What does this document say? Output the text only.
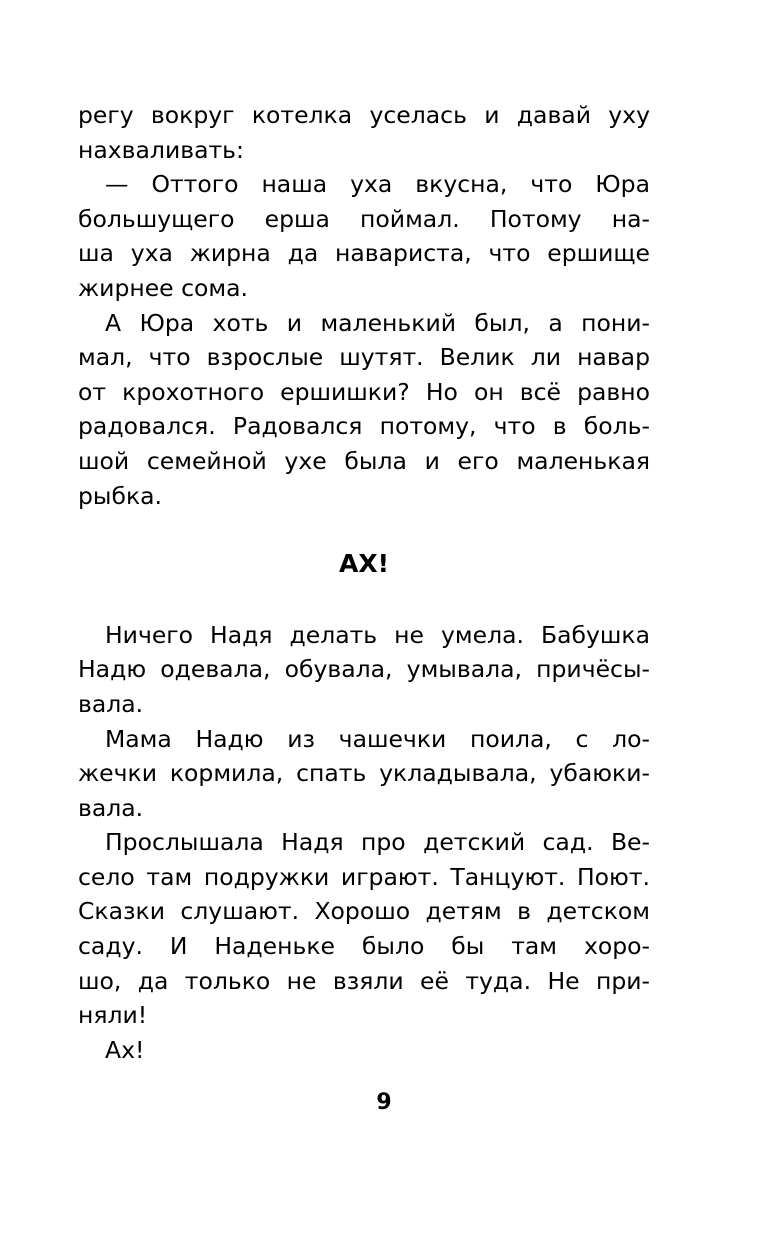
регу вокруг котелка уселась и давай уху
нахваливать:
— Оттого наша уха вкусна, что Юра
большущего ерша поймал. Потому на-
ша уха жирна да навариста, что ершище
жирнее сома.
А Юра хоть и маленький был, а пони-
мал, что взрослые шутят. Велик ли навар
от крохотного ершишки? Но он всё равно
радовался. Радовался потому, что в боль-
шой семейной ухе была и его маленькая
рыбка.
АХ!
Ничего Надя делать не умела. Бабушка
Надю одевала, обувала, умывала, причёсы-
вала.
Мама Надю из чашечки поила, с ло-
жечки кормила, спать укладывала, убаюки-
вала.
Прослышала Надя про детский сад. Ве-
село там подружки играют. Танцуют. Поют.
Сказки слушают. Хорошо детям в детском
саду. И Наденьке было бы там хоро-
шо, да только не взяли её туда. Не при-
няли!
Ах!
9
